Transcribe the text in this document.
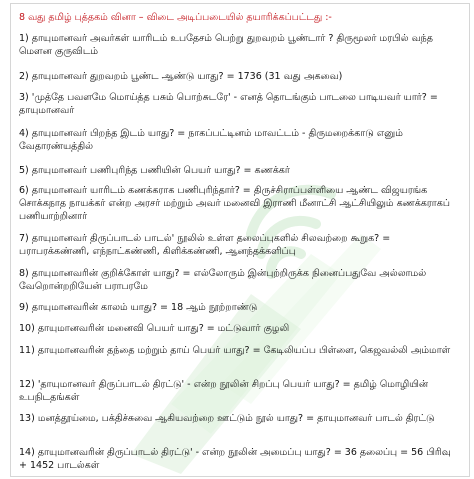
8 வது தமிழ் புத்தகம் வினா – விடை அடிப்படையில் தயாரிக்கப்பட்டது :-
1) தாயுமானவர் அவர்கள் யாரிடம் உபதேசம் பெற்று துறவறம் பூண்டார் ? திருமூலர் மரபில் வந்த மௌன குருவிடம்
2) தாயுமானவர் துறவறம் பூண்ட ஆண்டு யாது? = 1736 (31 வது அகவை)
3) 'முத்தே பவளமே மொய்த்த பசும் பொற்சுடரே' - எனத் தொடங்கும் பாடலை பாடியவர் யார்? = தாயுமானவர்
4) தாயுமானவர் பிறந்த இடம் யாது? = நாகப்பட்டினம் மாவட்டம் - திருமறைக்காடு எனும் வேதாரண்யத்தில்
5) தாயுமானவர் பணிபுரிந்த பணியின் பெயர் யாது? = கணக்கர்
6) தாயுமானவர் யாரிடம் கணக்கராக பணிபுரிந்தார்? = திருச்சிராப்பள்ளியை ஆண்ட விஜயரங்க சொக்கநாத நாயக்கர் என்ற அரசர் மற்றும் அவர் மனைவி இராணி மீனாட்சி ஆட்சியிலும் கணக்கராகப் பணியாற்றினார்
7) தாயுமானவர் திருப்பாடல் பாடல்' நூலில் உள்ள தலைப்புகளில் சிலவற்றை கூறுக? = பராபரக்கண்ணி, எந்நாட்கண்ணி, கிளிக்கண்ணி, ஆனந்தக்களிப்பு
8) தாயுமானவரின் குறிக்கோள் யாது? = எல்லோரும் இன்புற்றிருக்க நினைப்பதுவே அல்லாமல் வேறொன்றறியேன் பராபரமே
9) தாயுமானவரின் காலம் யாது? = 18 ஆம் நூற்றாண்டு
10) தாயுமானவரின் மனைவி பெயர் யாது? = மட்டுவார் குழலி
11) தாயுமானவரின் தந்தை மற்றும் தாய் பெயர் யாது? = கேடிலியப்ப பிள்ளை, கெஜவல்லி அம்மாள்
12) 'தாயுமானவர் திருப்பாடல் திரட்டு' - என்ற நூலின் சிறப்பு பெயர் யாது? = தமிழ் மொழியின் உபநிடதங்கள்
13) மனத்தூய்மை, பக்திச்சுவை ஆகியவற்றை ஊட்டும் நூல் யாது? = தாயுமானவர் பாடல் திரட்டு
14) தாயுமானவரின் திருப்பாடல் திரட்டு' - என்ற நூலின் அமைப்பு யாது? = 36 தலைப்பு = 56 பிரிவு + 1452 பாடல்கள்
